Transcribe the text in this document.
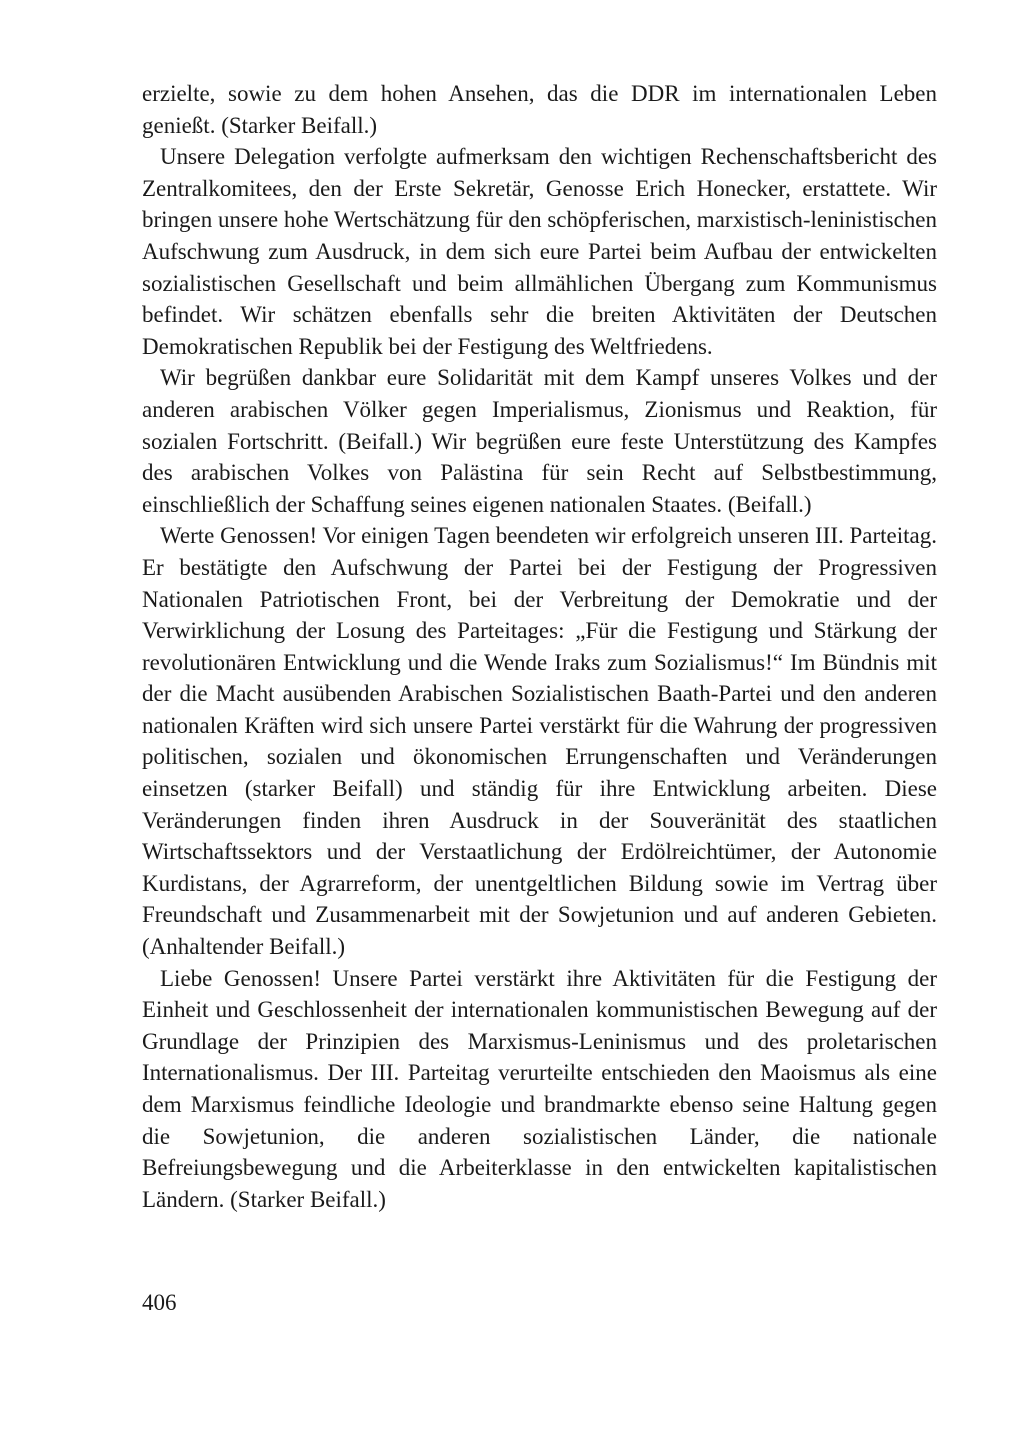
erzielte, sowie zu dem hohen Ansehen, das die DDR im internationalen Leben genießt. (Starker Beifall.)

Unsere Delegation verfolgte aufmerksam den wichtigen Rechenschaftsbericht des Zentralkomitees, den der Erste Sekretär, Genosse Erich Honecker, erstattete. Wir bringen unsere hohe Wertschätzung für den schöpferischen, marxistisch-leninistischen Aufschwung zum Ausdruck, in dem sich eure Partei beim Aufbau der entwickelten sozialistischen Gesellschaft und beim allmählichen Übergang zum Kommunismus befindet. Wir schätzen ebenfalls sehr die breiten Aktivitäten der Deutschen Demokratischen Republik bei der Festigung des Weltfriedens.

Wir begrüßen dankbar eure Solidarität mit dem Kampf unseres Volkes und der anderen arabischen Völker gegen Imperialismus, Zionismus und Reaktion, für sozialen Fortschritt. (Beifall.) Wir begrüßen eure feste Unterstützung des Kampfes des arabischen Volkes von Palästina für sein Recht auf Selbstbestimmung, einschließlich der Schaffung seines eigenen nationalen Staates. (Beifall.)

Werte Genossen! Vor einigen Tagen beendeten wir erfolgreich unseren III. Parteitag. Er bestätigte den Aufschwung der Partei bei der Festigung der Progressiven Nationalen Patriotischen Front, bei der Verbreitung der Demokratie und der Verwirklichung der Losung des Parteitages: „Für die Festigung und Stärkung der revolutionären Entwicklung und die Wende Iraks zum Sozialismus!“ Im Bündnis mit der die Macht ausübenden Arabischen Sozialistischen Baath-Partei und den anderen nationalen Kräften wird sich unsere Partei verstärkt für die Wahrung der progressiven politischen, sozialen und ökonomischen Errungenschaften und Veränderungen einsetzen (starker Beifall) und ständig für ihre Entwicklung arbeiten. Diese Veränderungen finden ihren Ausdruck in der Souveränität des staatlichen Wirtschaftssektors und der Verstaatlichung der Erdölreichtümer, der Autonomie Kurdistans, der Agrarreform, der unentgeltlichen Bildung sowie im Vertrag über Freundschaft und Zusammenarbeit mit der Sowjetunion und auf anderen Gebieten. (Anhaltender Beifall.)

Liebe Genossen! Unsere Partei verstärkt ihre Aktivitäten für die Festigung der Einheit und Geschlossenheit der internationalen kommunistischen Bewegung auf der Grundlage der Prinzipien des Marxismus-Leninismus und des proletarischen Internationalismus. Der III. Parteitag verurteilte entschieden den Maoismus als eine dem Marxismus feindliche Ideologie und brandmarkte ebenso seine Haltung gegen die Sowjetunion, die anderen sozialistischen Länder, die nationale Befreiungsbewegung und die Arbeiterklasse in den entwickelten kapitalistischen Ländern. (Starker Beifall.)

406
